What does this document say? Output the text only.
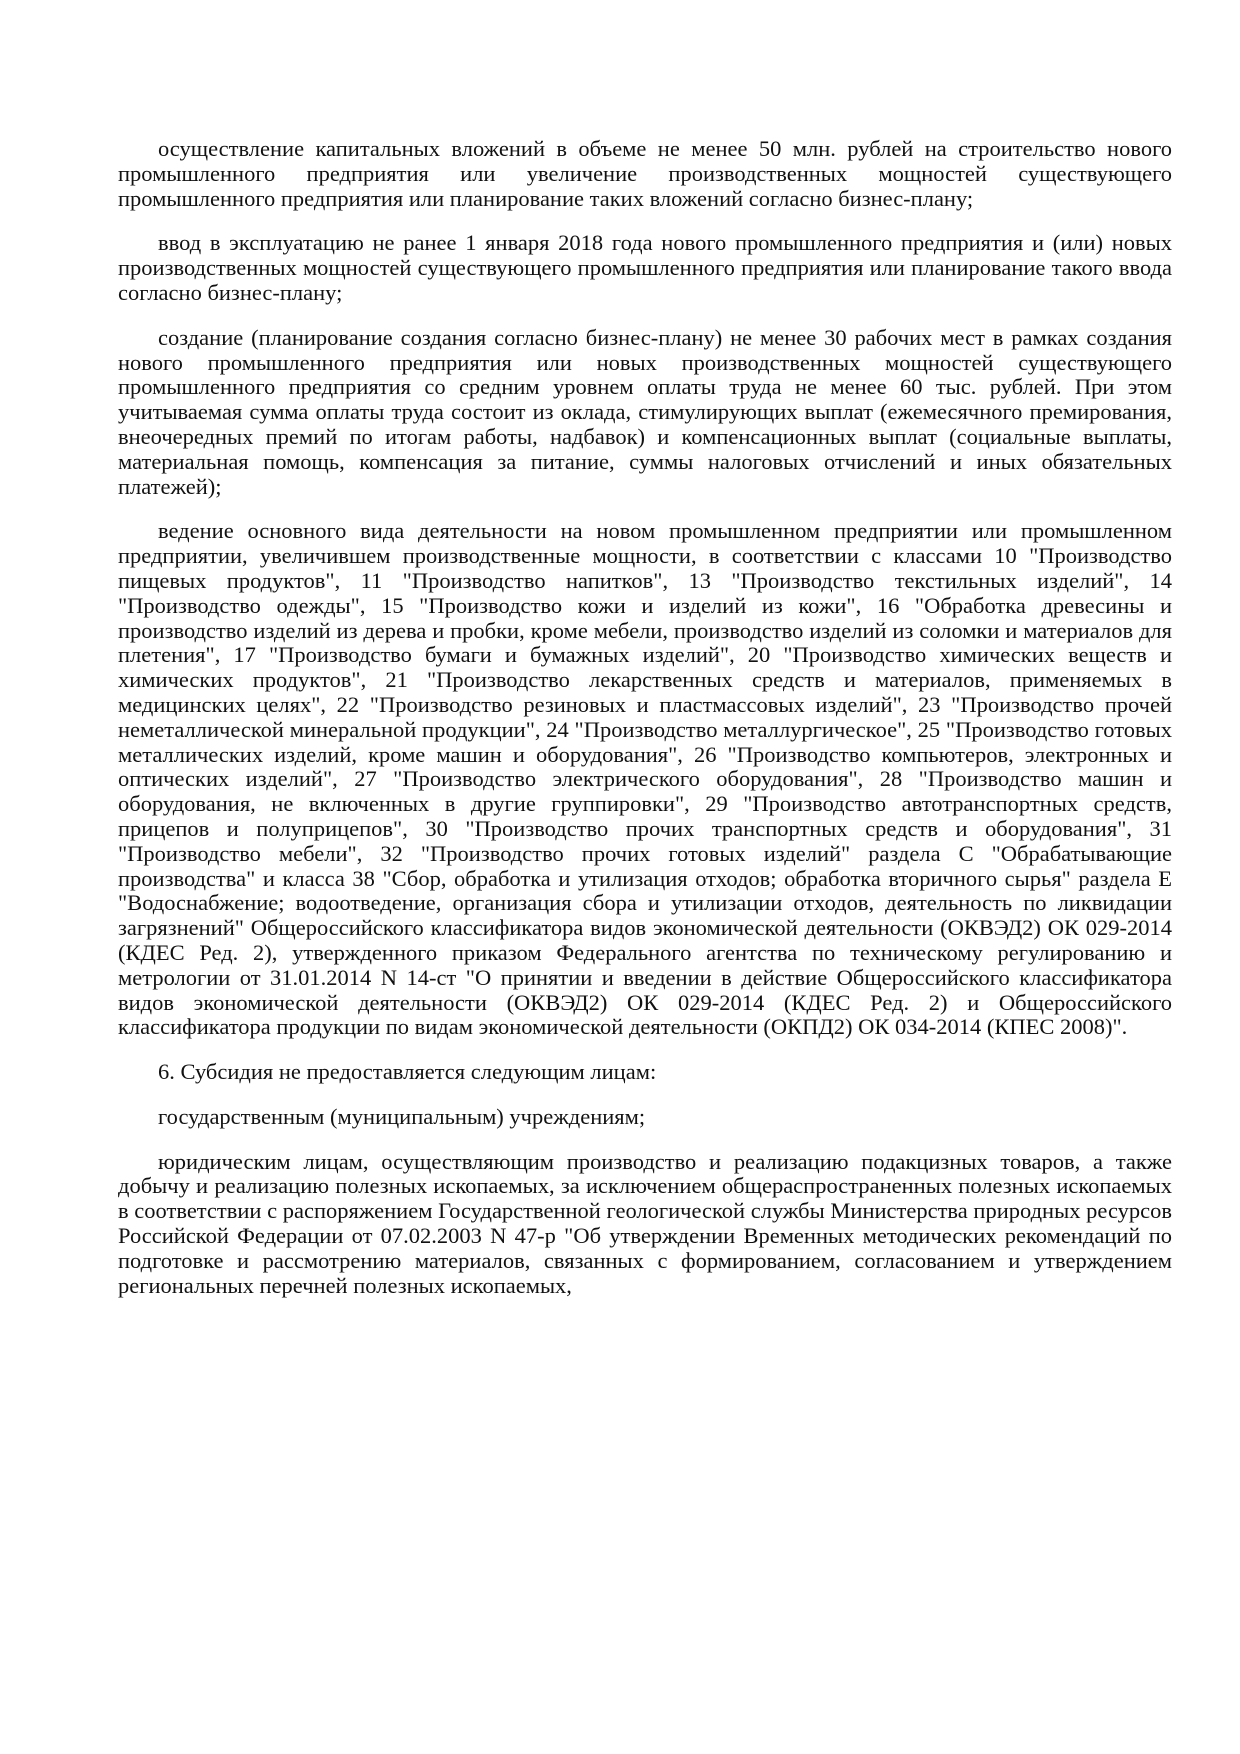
осуществление капитальных вложений в объеме не менее 50 млн. рублей на строительство нового промышленного предприятия или увеличение производственных мощностей существующего промышленного предприятия или планирование таких вложений согласно бизнес-плану;

ввод в эксплуатацию не ранее 1 января 2018 года нового промышленного предприятия и (или) новых производственных мощностей существующего промышленного предприятия или планирование такого ввода согласно бизнес-плану;

создание (планирование создания согласно бизнес-плану) не менее 30 рабочих мест в рамках создания нового промышленного предприятия или новых производственных мощностей существующего промышленного предприятия со средним уровнем оплаты труда не менее 60 тыс. рублей. При этом учитываемая сумма оплаты труда состоит из оклада, стимулирующих выплат (ежемесячного премирования, внеочередных премий по итогам работы, надбавок) и компенсационных выплат (социальные выплаты, материальная помощь, компенсация за питание, суммы налоговых отчислений и иных обязательных платежей);

ведение основного вида деятельности на новом промышленном предприятии или промышленном предприятии, увеличившем производственные мощности, в соответствии с классами 10 "Производство пищевых продуктов", 11 "Производство напитков", 13 "Производство текстильных изделий", 14 "Производство одежды", 15 "Производство кожи и изделий из кожи", 16 "Обработка древесины и производство изделий из дерева и пробки, кроме мебели, производство изделий из соломки и материалов для плетения", 17 "Производство бумаги и бумажных изделий", 20 "Производство химических веществ и химических продуктов", 21 "Производство лекарственных средств и материалов, применяемых в медицинских целях", 22 "Производство резиновых и пластмассовых изделий", 23 "Производство прочей неметаллической минеральной продукции", 24 "Производство металлургическое", 25 "Производство готовых металлических изделий, кроме машин и оборудования", 26 "Производство компьютеров, электронных и оптических изделий", 27 "Производство электрического оборудования", 28 "Производство машин и оборудования, не включенных в другие группировки", 29 "Производство автотранспортных средств, прицепов и полуприцепов", 30 "Производство прочих транспортных средств и оборудования", 31 "Производство мебели", 32 "Производство прочих готовых изделий" раздела C "Обрабатывающие производства" и класса 38 "Сбор, обработка и утилизация отходов; обработка вторичного сырья" раздела E "Водоснабжение; водоотведение, организация сбора и утилизации отходов, деятельность по ликвидации загрязнений" Общероссийского классификатора видов экономической деятельности (ОКВЭД2) ОК 029-2014 (КДЕС Ред. 2), утвержденного приказом Федерального агентства по техническому регулированию и метрологии от 31.01.2014 N 14-ст "О принятии и введении в действие Общероссийского классификатора видов экономической деятельности (ОКВЭД2) ОК 029-2014 (КДЕС Ред. 2) и Общероссийского классификатора продукции по видам экономической деятельности (ОКПД2) ОК 034-2014 (КПЕС 2008)".

6. Субсидия не предоставляется следующим лицам:

государственным (муниципальным) учреждениям;

юридическим лицам, осуществляющим производство и реализацию подакцизных товаров, а также добычу и реализацию полезных ископаемых, за исключением общераспространенных полезных ископаемых в соответствии с распоряжением Государственной геологической службы Министерства природных ресурсов Российской Федерации от 07.02.2003 N 47-р "Об утверждении Временных методических рекомендаций по подготовке и рассмотрению материалов, связанных с формированием, согласованием и утверждением региональных перечней полезных ископаемых,
